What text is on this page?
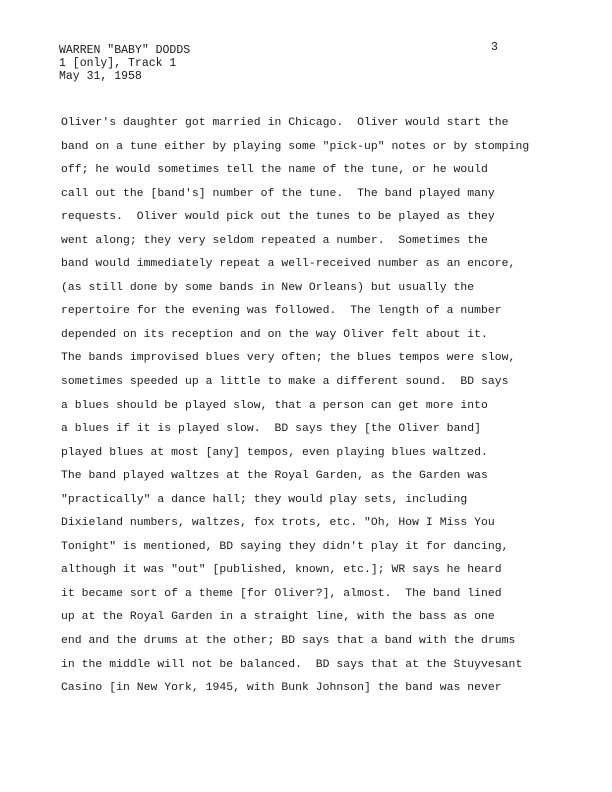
WARREN "BABY" DODDS
1 [only], Track 1
May 31, 1958
3
Oliver's daughter got married in Chicago.  Oliver would start the
band on a tune either by playing some "pick-up" notes or by stomping
off; he would sometimes tell the name of the tune, or he would
call out the [band's] number of the tune.  The band played many
requests.  Oliver would pick out the tunes to be played as they
went along; they very seldom repeated a number.  Sometimes the
band would immediately repeat a well-received number as an encore,
(as still done by some bands in New Orleans) but usually the
repertoire for the evening was followed.  The length of a number
depended on its reception and on the way Oliver felt about it.
The bands improvised blues very often; the blues tempos were slow,
sometimes speeded up a little to make a different sound.  BD says
a blues should be played slow, that a person can get more into
a blues if it is played slow.  BD says they [the Oliver band]
played blues at most [any] tempos, even playing blues waltzed.
The band played waltzes at the Royal Garden, as the Garden was
"practically" a dance hall; they would play sets, including
Dixieland numbers, waltzes, fox trots, etc. "Oh, How I Miss You
Tonight" is mentioned, BD saying they didn't play it for dancing,
although it was "out" [published, known, etc.]; WR says he heard
it became sort of a theme [for Oliver?], almost.  The band lined
up at the Royal Garden in a straight line, with the bass as one
end and the drums at the other; BD says that a band with the drums
in the middle will not be balanced.  BD says that at the Stuyvesant
Casino [in New York, 1945, with Bunk Johnson] the band was never
